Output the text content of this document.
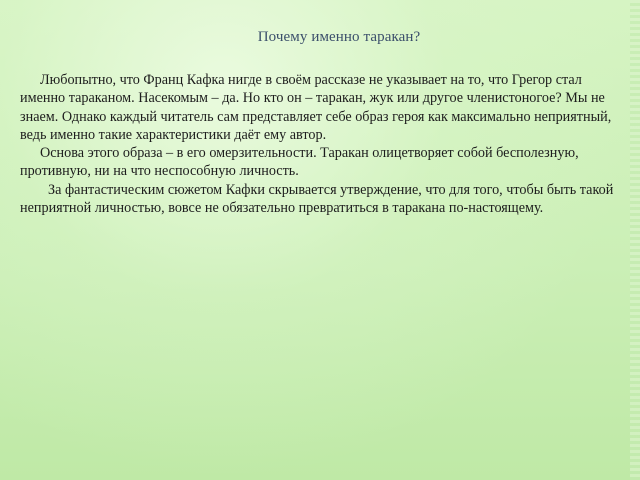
Почему именно таракан?

Любопытно, что Франц Кафка нигде в своём рассказе не указывает на то, что Грегор стал именно тараканом. Насекомым – да. Но кто он – таракан, жук или другое членистоногое? Мы не знаем. Однако каждый читатель сам представляет себе образ героя как максимально неприятный, ведь именно такие характеристики даёт ему автор.

Основа этого образа – в его омерзительности. Таракан олицетворяет собой бесполезную, противную, ни на что неспособную личность.

За фантастическим сюжетом Кафки скрывается утверждение, что для того, чтобы быть такой неприятной личностью, вовсе не обязательно превратиться в таракана по-настоящему.
